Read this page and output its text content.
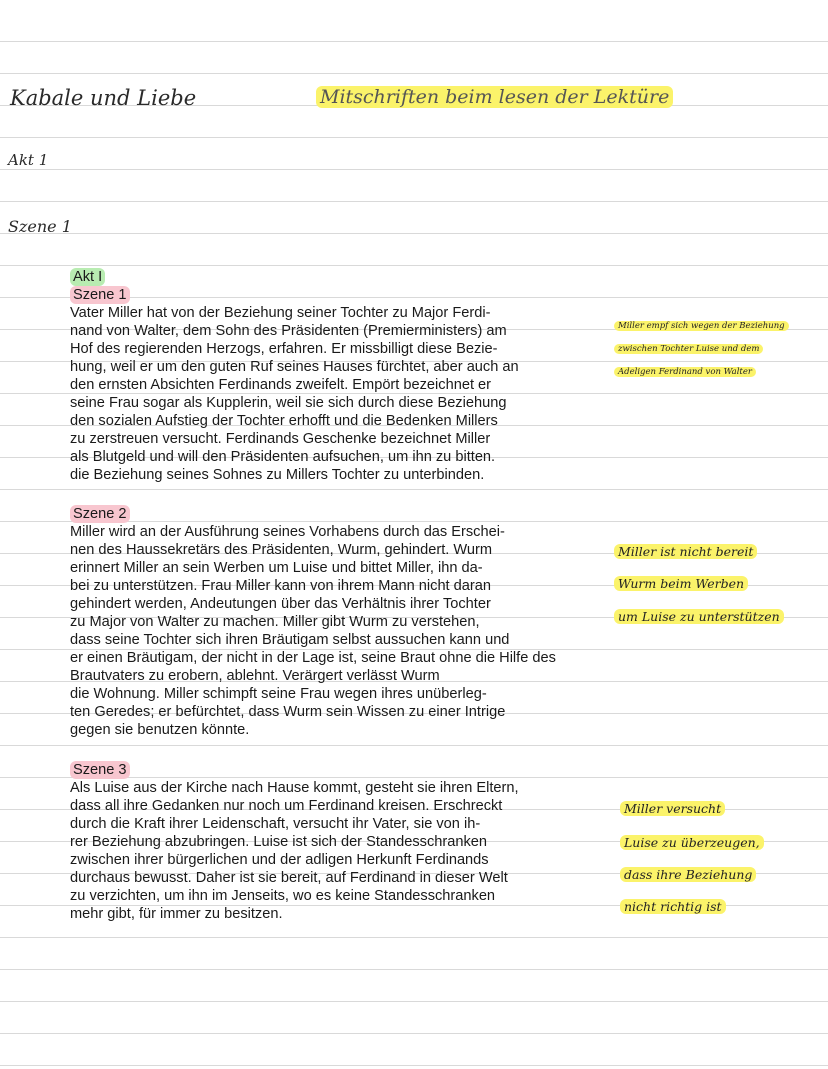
Kabale und Liebe	Mitschriften beim lesen der Lektüre
Akt 1
Szene 1
Akt I
Szene 1
Vater Miller hat von der Beziehung seiner Tochter zu Major Ferdi-
nand von Walter, dem Sohn des Präsidenten (Premierministers) am
Hof des regierenden Herzogs, erfahren. Er missbilligt diese Bezie-
hung, weil er um den guten Ruf seines Hauses fürchtet, aber auch an
den ernsten Absichten Ferdinands zweifelt. Empört bezeichnet er
seine Frau sogar als Kupplerin, weil sie sich durch diese Beziehung
den sozialen Aufstieg der Tochter erhofft und die Bedenken Millers
zu zerstreuen versucht. Ferdinands Geschenke bezeichnet Miller
als Blutgeld und will den Präsidenten aufsuchen, um ihn zu bitten.
die Beziehung seines Sohnes zu Millers Tochter zu unterbinden.
Szene 2
Miller wird an der Ausführung seines Vorhabens durch das Erschei-
nen des Haussekretärs des Präsidenten, Wurm, gehindert. Wurm
erinnert Miller an sein Werben um Luise und bittet Miller, ihn da-
bei zu unterstützen. Frau Miller kann von ihrem Mann nicht daran
gehindert werden, Andeutungen über das Verhältnis ihrer Tochter
zu Major von Walter zu machen. Miller gibt Wurm zu verstehen,
dass seine Tochter sich ihren Bräutigam selbst aussuchen kann und
er einen Bräutigam, der nicht in der Lage ist, seine Braut ohne die Hilfe des
Brautvaters zu erobern, ablehnt. Verärgert verlässt Wurm
die Wohnung. Miller schimpft seine Frau wegen ihres unüberleg-
ten Geredes; er befürchtet, dass Wurm sein Wissen zu einer Intrige
gegen sie benutzen könnte.
Szene 3
Als Luise aus der Kirche nach Hause kommt, gesteht sie ihren Eltern,
dass all ihre Gedanken nur noch um Ferdinand kreisen. Erschreckt
durch die Kraft ihrer Leidenschaft, versucht ihr Vater, sie von ih-
rer Beziehung abzubringen. Luise ist sich der Standesschranken
zwischen ihrer bürgerlichen und der adligen Herkunft Ferdinands
durchaus bewusst. Daher ist sie bereit, auf Ferdinand in dieser Welt
zu verzichten, um ihn im Jenseits, wo es keine Standesschranken
mehr gibt, für immer zu besitzen.
Miller empf sich wegen der Beziehung
zwischen Tochter Luise und dem
Adeligen Ferdinand von Walter
Miller ist nicht bereit
Wurm beim Werben
um Luise zu unterstützen
Miller versucht
Luise zu überzeugen,
dass ihre Beziehung
nicht richtig ist
